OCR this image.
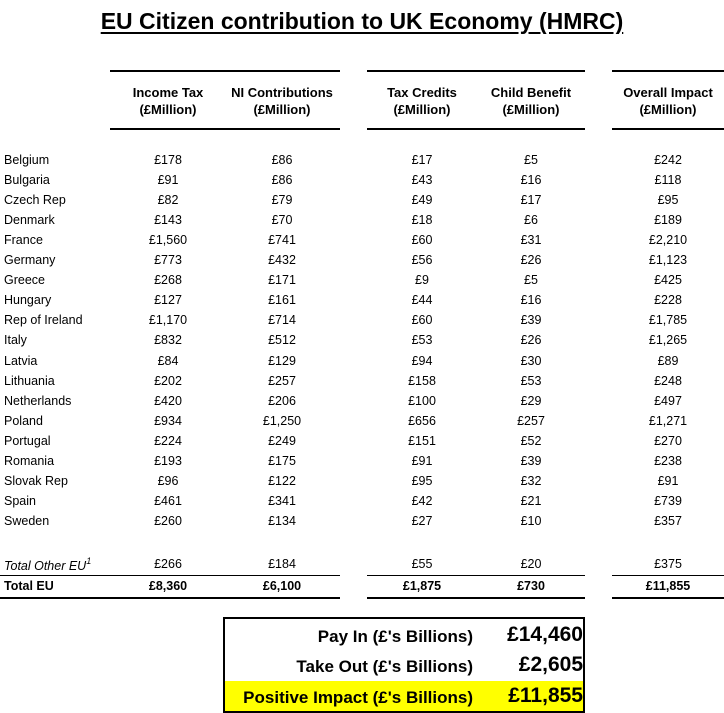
EU Citizen contribution to UK Economy (HMRC)
Income Tax
(£Million)
NI Contributions
(£Million)
Tax Credits
(£Million)
Child Benefit
(£Million)
Overall Impact
(£Million)
Belgium	£178	£86	£17	£5	£242
Bulgaria	£91	£86	£43	£16	£118
Czech Rep	£82	£79	£49	£17	£95
Denmark	£143	£70	£18	£6	£189
France	£1,560	£741	£60	£31	£2,210
Germany	£773	£432	£56	£26	£1,123
Greece	£268	£171	£9	£5	£425
Hungary	£127	£161	£44	£16	£228
Rep of Ireland	£1,170	£714	£60	£39	£1,785
Italy	£832	£512	£53	£26	£1,265
Latvia	£84	£129	£94	£30	£89
Lithuania	£202	£257	£158	£53	£248
Netherlands	£420	£206	£100	£29	£497
Poland	£934	£1,250	£656	£257	£1,271
Portugal	£224	£249	£151	£52	£270
Romania	£193	£175	£91	£39	£238
Slovak Rep	£96	£122	£95	£32	£91
Spain	£461	£341	£42	£21	£739
Sweden	£260	£134	£27	£10	£357
Total Other $EU^1$	£266	£184	£55	£20	£375
Total EU	£8,360	£6,100	£1,875	£730	£11,855
Pay In (£'s Billions) £14,460
Take Out (£'s Billions) £2,605
Positive Impact (£'s Billions) £11,855
